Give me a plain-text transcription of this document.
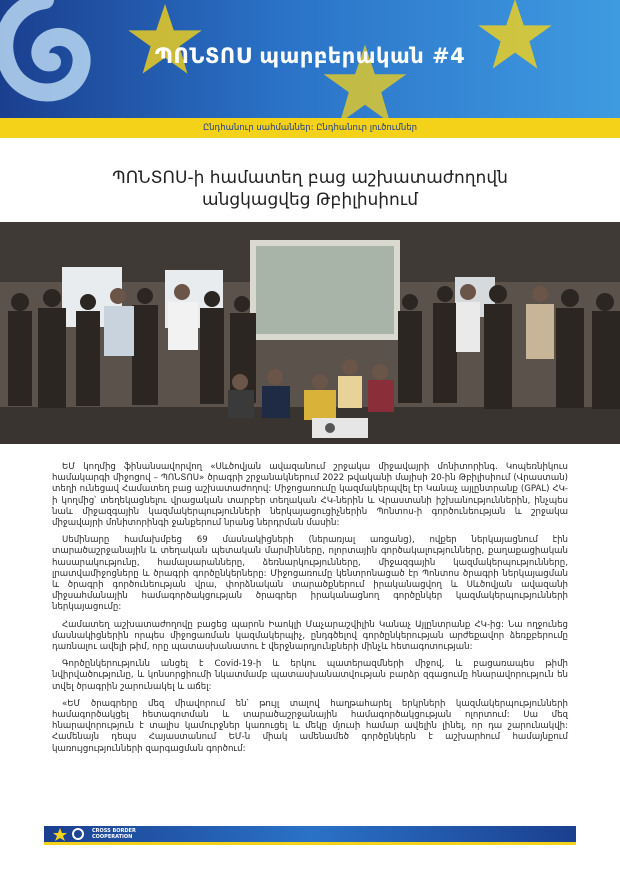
ՊՈՆՏՈՍ պարբերական #4
Ընդհանուր սահմաններ: Ընդհանուր լուծումներ
ՊՈՆՏՈՍ-ի համատեղ բաց աշխատաժողովն անցկացվեց Թբիլիսիում

ԵՄ կողմից ֆինանսավորվող «Սևծովյան ավազանում շրջակա միջավայրի մոնիտորինգ. Կոպեռնիկուս համակարգի միջոցով – ՊՈՆՏՈՍ» ծրագրի շրջանակներում 2022 թվականի մայիսի 20-ին Թբիլիսիում (Վրաստան) տեղի ունեցավ Համատեղ բաց աշխատաժողով: Միջոցառումը կազմակերպվել էր Կանաչ այլընտրանք (GPAL) ՀԿ-ի կողմից՝ տեղեկացնելու վրացական տարբեր տեղական ՀԿ-ներին և Վրաստանի իշխանություններին, ինչպես նաև միջազգային կազմակերպությունների ներկայացուցիչներին Պոնտոս-ի գործունեության և շրջակա միջավայրի մոնիտորինգի ջանքերում նրանց ներդրման մասին:

Սեմինարը համախմբեց 69 մասնակիցների (ներառյալ առցանց), ովքեր ներկայացնում էին տարածաշրջանային և տեղական պետական մարմինները, ոլորտային գործակալությունները, քաղաքացիական հասարակությունը, համալսարանները, ձեռնարկությունները, միջազգային կազմակերպությունները, լրատվամիջոցները և ծրագրի գործընկերները: Միջոցառումը կենտրոնացած էր Պոնտոս ծրագրի ներկայացման և ծրագրի գործունեության վրա, փորձնական տարածքներում իրականացվող և Սևծովյան ավազանի միջսահմանային համագործակցության ծրագրեր իրականացնող գործընկեր կազմակերպությունների ներկայացումը:

Համատեղ աշխատաժողովը բացեց պարոն Իաոկլի Մաչարաշվիլին Կանաչ Այլընտրանք ՀԿ-ից: Նա ողջունեց մասնակիցներին որպես միջոցառման կազմակերպիչ, ընդգծելով գործընկերության արժեքավոր ձեռքբերումը դառնալու ավելի թիմ, որը պատասխանատու է վերջնարդյունքների մինչև հետագոտության:

Գործընկերությունն անցել է Covid-19-ի և երկու պատերազմների միջով, և բացառապես թիմի նվիրվածությունը, և կոնսորցիումի նկատմամբ պատասխանատվության բարձր զգացումը հնարավորություն են տվել ծրագրին շարունակել և աճել:

«ԵՄ ծրագրերը մեզ միավորում են՝ թույլ տալով հաղթահարել երկրների կազմակերպությունների համագործակցել հետագոտման և տարածաշրջանային համագործակցության ոլորտում: Սա մեզ հնարավորություն է տալիս կամուրջներ կառուցել և մեկը մյուսի համար ավելին լինել, որ դա շարունակվի: Համենայն դեպս Հայաստանում ԵՄ-ն միակ ամենամեծ գործընկերն է աշխարհում համայնքում կառույցությունների զարգացման գործում:

CROSS BORDER
COOPERATION
